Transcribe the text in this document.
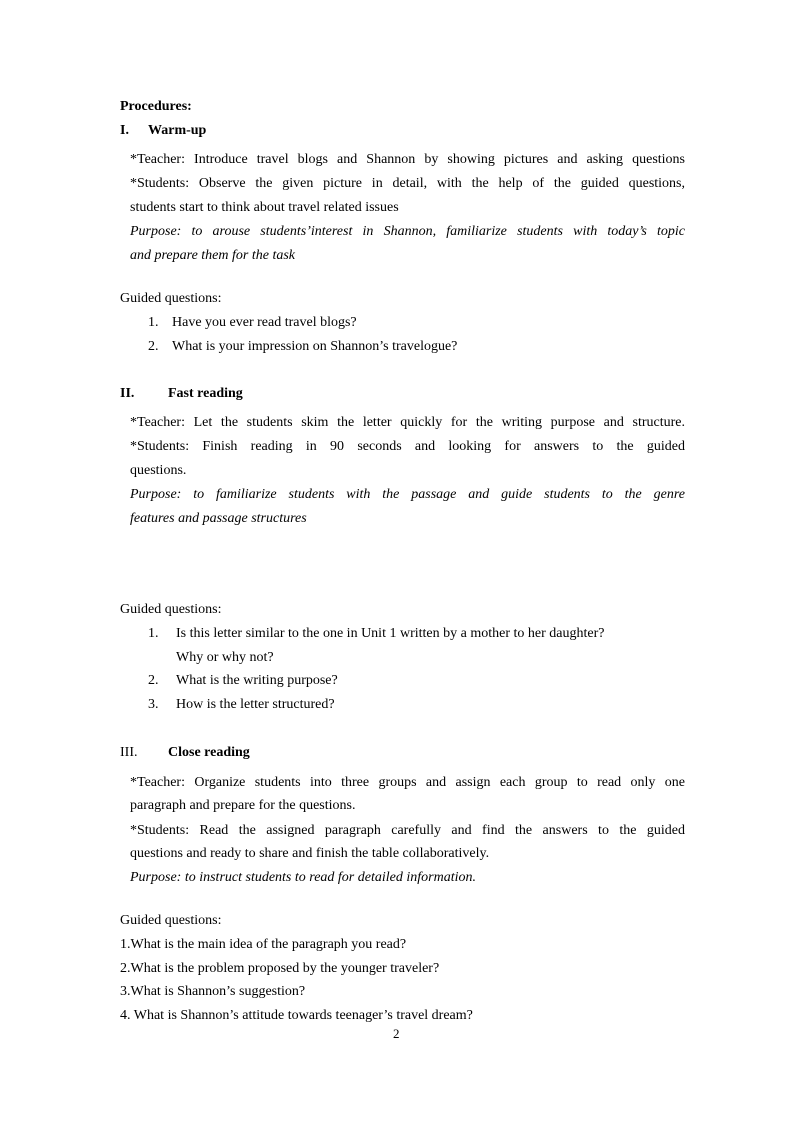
Procedures:
I. Warm-up
*Teacher: Introduce travel blogs and Shannon by showing pictures and asking questions
*Students: Observe the given picture in detail, with the help of the guided questions,
students start to think about travel related issues
Purpose: to arouse students’interest in Shannon, familiarize students with today’s topic
and prepare them for the task
Guided questions:
1. Have you ever read travel blogs?
2. What is your impression on Shannon’s travelogue?
II. Fast reading
*Teacher: Let the students skim the letter quickly for the writing purpose and structure.
*Students: Finish reading in 90 seconds and looking for answers to the guided
questions.
Purpose: to familiarize students with the passage and guide students to the genre
features and passage structures
Guided questions:
1. Is this letter similar to the one in Unit 1 written by a mother to her daughter?
Why or why not?
2. What is the writing purpose?
3. How is the letter structured?
III. Close reading
*Teacher: Organize students into three groups and assign each group to read only one
paragraph and prepare for the questions.
*Students: Read the assigned paragraph carefully and find the answers to the guided
questions and ready to share and finish the table collaboratively.
Purpose: to instruct students to read for detailed information.
Guided questions:
1.What is the main idea of the paragraph you read?
2.What is the problem proposed by the younger traveler?
3.What is Shannon’s suggestion?
4. What is Shannon’s attitude towards teenager’s travel dream?
2
